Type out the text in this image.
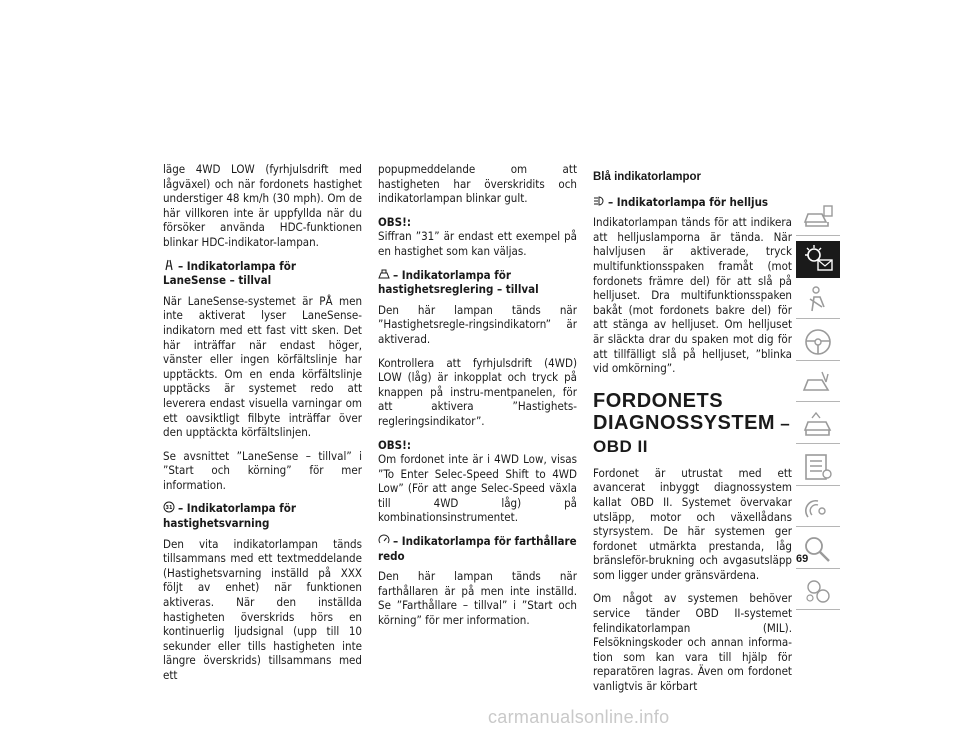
läge 4WD LOW (fyrhjulsdrift med lågväxel) och när fordonets hastighet understiger 48 km/h (30 mph). Om de här villkoren inte är uppfyllda när du försöker använda HDC-funktionen blinkar HDC-indikator-lampan.

– Indikatorlampa för LaneSense – tillval

När LaneSense-systemet är PÅ men inte aktiverat lyser LaneSense-indikatorn med ett fast vitt sken. Det här inträffar när endast höger, vänster eller ingen körfältslinje har upptäckts. Om en enda körfältslinje upptäcks är systemet redo att leverera endast visuella varningar om ett oavsiktligt filbyte inträffar över den upptäckta körfältslinjen.

Se avsnittet ”LaneSense – tillval” i ”Start och körning” för mer information.

31 – Indikatorlampa för hastighetsvarning

Den vita indikatorlampan tänds tillsammans med ett textmeddelande (Hastighetsvarning inställd på XXX följt av enhet) när funktionen aktiveras. När den inställda hastigheten överskrids hörs en kontinuerlig ljudsignal (upp till 10 sekunder eller tills hastigheten inte längre överskrids) tillsammans med ett

popupmeddelande om att hastigheten har överskridits och indikatorlampan blinkar gult.

OBS!:

Siffran ”31” är endast ett exempel på en hastighet som kan väljas.

– Indikatorlampa för hastighetsreglering – tillval

Den här lampan tänds när ”Hastighetsregle-ringsindikatorn” är aktiverad.

Kontrollera att fyrhjulsdrift (4WD) LOW (låg) är inkopplat och tryck på knappen på instru-mentpanelen, för att aktivera ”Hastighets-regleringsindikator”.

OBS!:

Om fordonet inte är i 4WD Low, visas ”To Enter Selec-Speed Shift to 4WD Low” (För att ange Selec-Speed växla till 4WD låg) på kombinationsinstrumentet.

– Indikatorlampa för farthållare redo

Den här lampan tänds när farthållaren är på men inte inställd. Se ”Farthållare – tillval” i ”Start och körning” för mer information.

Blå indikatorlampor
– Indikatorlampa för helljus

Indikatorlampan tänds för att indikera att helljuslamporna är tända. När halvljusen är aktiverade, tryck multifunktionsspaken framåt (mot fordonets främre del) för att slå på helljuset. Dra multifunktionsspaken bakåt (mot fordonets bakre del) för att stänga av helljuset. Om helljuset är släckta drar du spaken mot dig för att tillfälligt slå på helljuset, ”blinka vid omkörning”.

FORDONETS
DIAGNOSSYSTEM – OBD II

Fordonet är utrustat med ett avancerat inbyggt diagnossystem kallat OBD II. Systemet övervakar utsläpp, motor och växellådans styrsystem. De här systemen ger fordonet utmärkta prestanda, låg bränsleför-brukning och avgasutsläpp som ligger under gränsvärdena.

Om något av systemen behöver service tänder OBD II-systemet felindikatorlampan (MIL). Felsökningskoder och annan informa-tion som kan vara till hjälp för reparatören lagras. Även om fordonet vanligtvis är körbart

69
carmanualsonline.info
